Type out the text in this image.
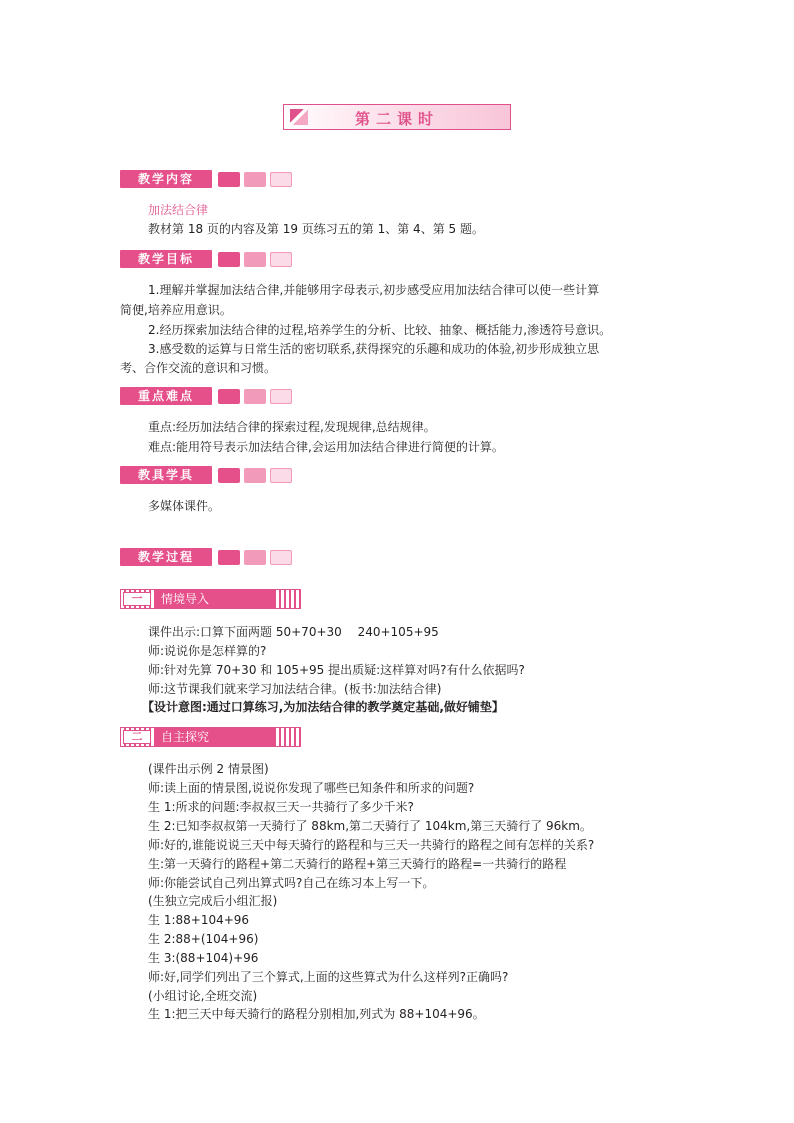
第二课时
教学内容
加法结合律
教材第 18 页的内容及第 19 页练习五的第 1、第 4、第 5 题。
教学目标
1.理解并掌握加法结合律,并能够用字母表示,初步感受应用加法结合律可以使一些计算
简便,培养应用意识。
2.经历探索加法结合律的过程,培养学生的分析、比较、抽象、概括能力,渗透符号意识。
3.感受数的运算与日常生活的密切联系,获得探究的乐趣和成功的体验,初步形成独立思
考、合作交流的意识和习惯。
重点难点
重点:经历加法结合律的探索过程,发现规律,总结规律。
难点:能用符号表示加法结合律,会运用加法结合律进行简便的计算。
教具学具
多媒体课件。
教学过程
一	情境导入
课件出示:口算下面两题 50+70+30　 240+105+95
师:说说你是怎样算的?
师:针对先算 70+30 和 105+95 提出质疑:这样算对吗?有什么依据吗?
师:这节课我们就来学习加法结合律。(板书:加法结合律)
【设计意图:通过口算练习,为加法结合律的教学奠定基础,做好铺垫】
二	自主探究
(课件出示例 2 情景图)
师:读上面的情景图,说说你发现了哪些已知条件和所求的问题?
生 1:所求的问题:李叔叔三天一共骑行了多少千米?
生 2:已知李叔叔第一天骑行了 88km,第二天骑行了 104km,第三天骑行了 96km。
师:好的,谁能说说三天中每天骑行的路程和与三天一共骑行的路程之间有怎样的关系?
生:第一天骑行的路程+第二天骑行的路程+第三天骑行的路程=一共骑行的路程
师:你能尝试自己列出算式吗?自己在练习本上写一下。
(生独立完成后小组汇报)
生 1:88+104+96
生 2:88+(104+96)
生 3:(88+104)+96
师:好,同学们列出了三个算式,上面的这些算式为什么这样列?正确吗?
(小组讨论,全班交流)
生 1:把三天中每天骑行的路程分别相加,列式为 88+104+96。
